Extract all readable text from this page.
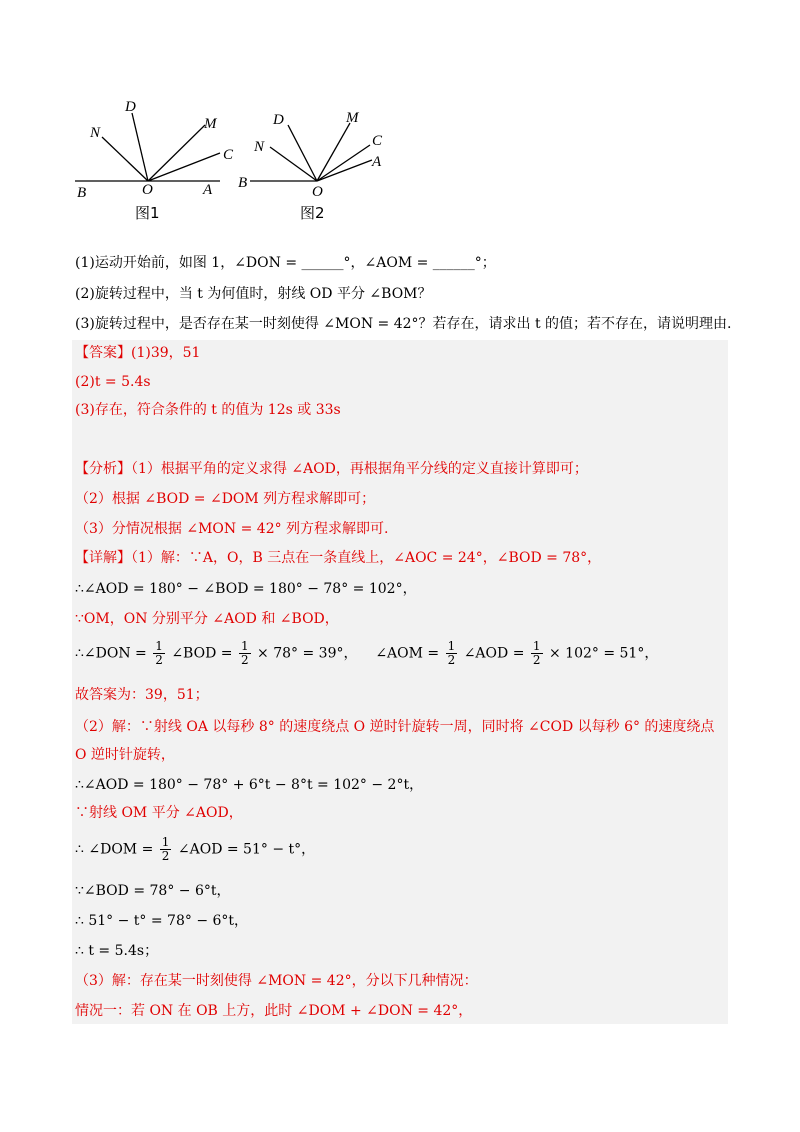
D
N
M
C
B	O	A
图1
D
N
M
C
A
B
O
图2
(1)运动开始前，如图 1，∠DON = ______°，∠AOM = ______°；
(2)旋转过程中，当 t 为何值时，射线 OD 平分 ∠BOM？
(3)旋转过程中，是否存在某一时刻使得 ∠MON = 42°？若存在，请求出 t 的值；若不存在，请说明理由.
【答案】(1)39，51
(2)t = 5.4s
(3)存在，符合条件的 t 的值为 12s 或 33s
【分析】（1）根据平角的定义求得 ∠AOD，再根据角平分线的定义直接计算即可；
（2）根据 ∠BOD = ∠DOM 列方程求解即可；
（3）分情况根据 ∠MON = 42° 列方程求解即可.
【详解】（1）解：∵A，O，B 三点在一条直线上，∠AOC = 24°，∠BOD = 78°，
∴∠AOD = 180° − ∠BOD = 180° − 78° = 102°，
∵OM，ON 分别平分 ∠AOD 和 ∠BOD，
∴∠DON = $\frac{1}{2}$ ∠BOD = $\frac{1}{2} \times 78^\circ = 39^\circ$， ∠AOM = $\frac{1}{2}$ ∠AOD = $\frac{1}{2} \times 102^\circ = 51^\circ$，
故答案为：39，51；
（2）解：∵射线 OA 以每秒 8° 的速度绕点 O 逆时针旋转一周，同时将 ∠COD 以每秒 6° 的速度绕点 O 逆时针旋转，
∴∠AOD = 180° − 78° + 6°t − 8°t = 102° − 2°t，
∵射线 OM 平分 ∠AOD，
∴ ∠DOM = $\frac{1}{2}$ ∠AOD = 51° − t°，
∵∠BOD = 78° − 6°t，
∴ 51° − t° = 78° − 6°t，
∴ t = 5.4s；
（3）解：存在某一时刻使得 ∠MON = 42°，分以下几种情况：
情况一：若 ON 在 OB 上方，此时 ∠DOM + ∠DON = 42°，
